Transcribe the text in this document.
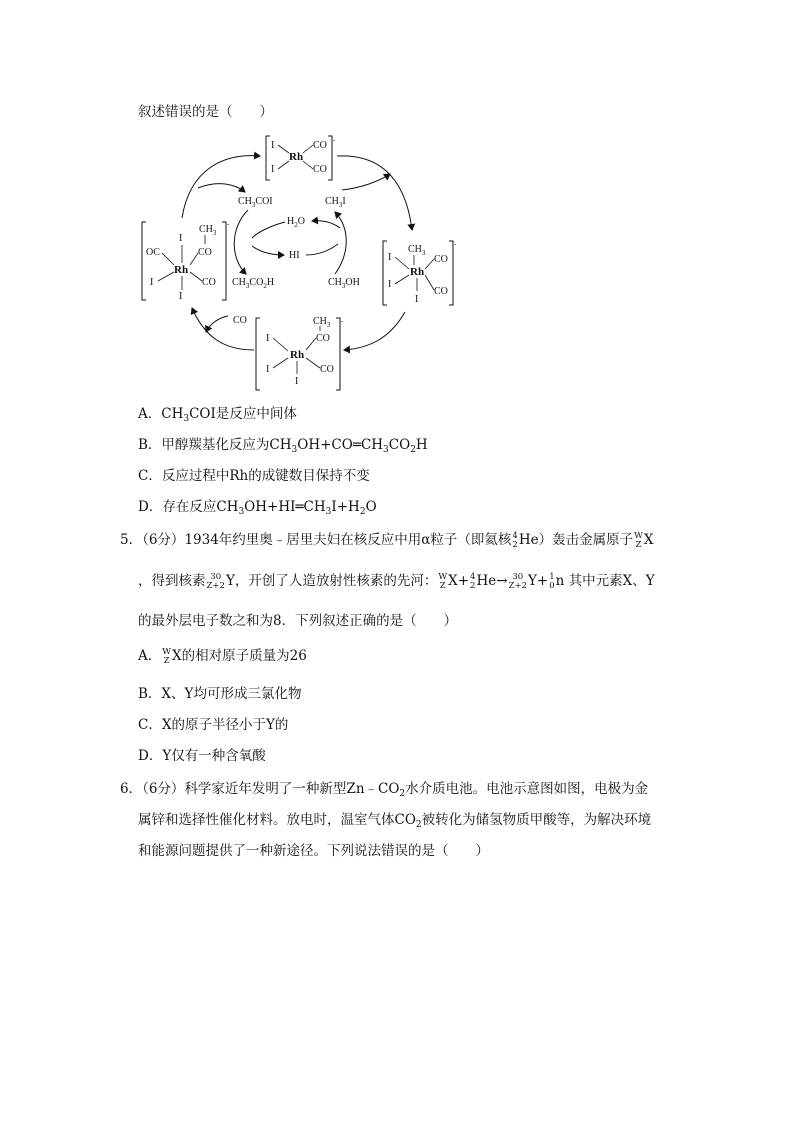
叙述错误的是（　　）
I
I
Rh
CO
CO
-
$CH_3$
I
I
Rh
CO
CO
I
-
$CH_3$
CO
I
Rh
I	CO
I
-
OC
I
$CH_3$
CO
Rh
I	CO
I
-
$CH_3COI$	$CH_3I$
$H_2O$
HI
$CH_3CO_2H$	$CH_3OH$
CO
A．$CH_3COI$是反应中间体
B．甲醇羰基化反应为$CH_3OH+CO═CH_3CO_2H$
C．反应过程中Rh的成键数目保持不变
D．存在反应$CH_3OH+HI═CH_3I+H_2O$
5．（6分）1934年约里奥﹣居里夫妇在核反应中用α粒子（即氦核 4
2 He）轰击金属原子 W
Z X
，得到核素 30
Z+2 Y，开创了人造放射性核素的先河： W
Z X+ 4
2 He→ 30
Z+2 Y+ 1
0 n 其中元素X、Y
的最外层电子数之和为8．下列叙述正确的是（　　）
A． W
Z X的相对原子质量为26
B．X、Y均可形成三氯化物
C．X的原子半径小于Y的
D．Y仅有一种含氧酸
6．（6分）科学家近年发明了一种新型$Zn﹣CO_2$水介质电池。电池示意图如图，电极为金
属锌和选择性催化材料。放电时，温室气体$CO_2$被转化为储氢物质甲酸等，为解决环境
和能源问题提供了一种新途径。下列说法错误的是（　　）
